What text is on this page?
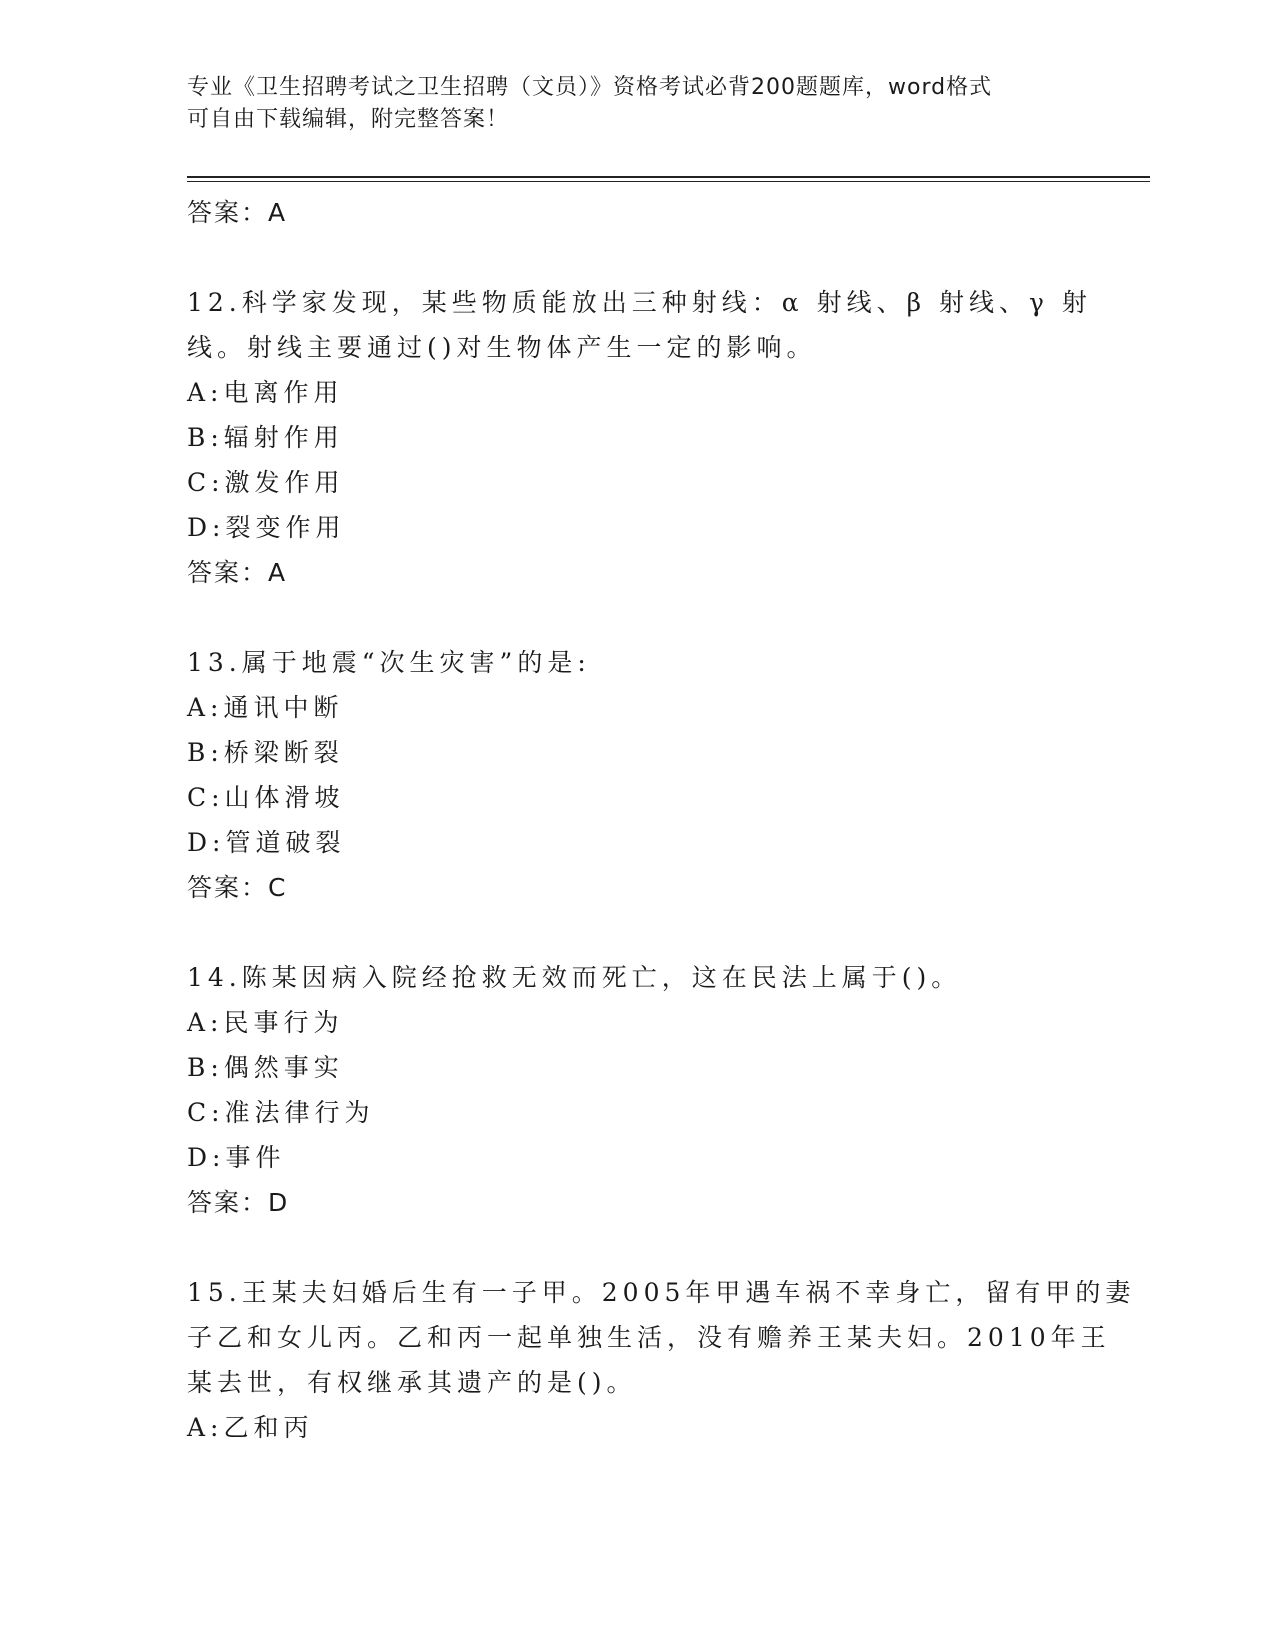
专业《卫生招聘考试之卫生招聘（文员）》资格考试必背200题题库，word格式
可自由下载编辑，附完整答案！
答案：A
12.科学家发现，某些物质能放出三种射线：α 射线、β 射线、γ 射
线。射线主要通过()对生物体产生一定的影响。
A:电离作用
B:辐射作用
C:激发作用
D:裂变作用
答案：A
13.属于地震“次生灾害”的是:
A:通讯中断
B:桥梁断裂
C:山体滑坡
D:管道破裂
答案：C
14.陈某因病入院经抢救无效而死亡，这在民法上属于()。
A:民事行为
B:偶然事实
C:准法律行为
D:事件
答案：D
15.王某夫妇婚后生有一子甲。2005年甲遇车祸不幸身亡，留有甲的妻
子乙和女儿丙。乙和丙一起单独生活，没有赡养王某夫妇。2010年王
某去世，有权继承其遗产的是()。
A:乙和丙
